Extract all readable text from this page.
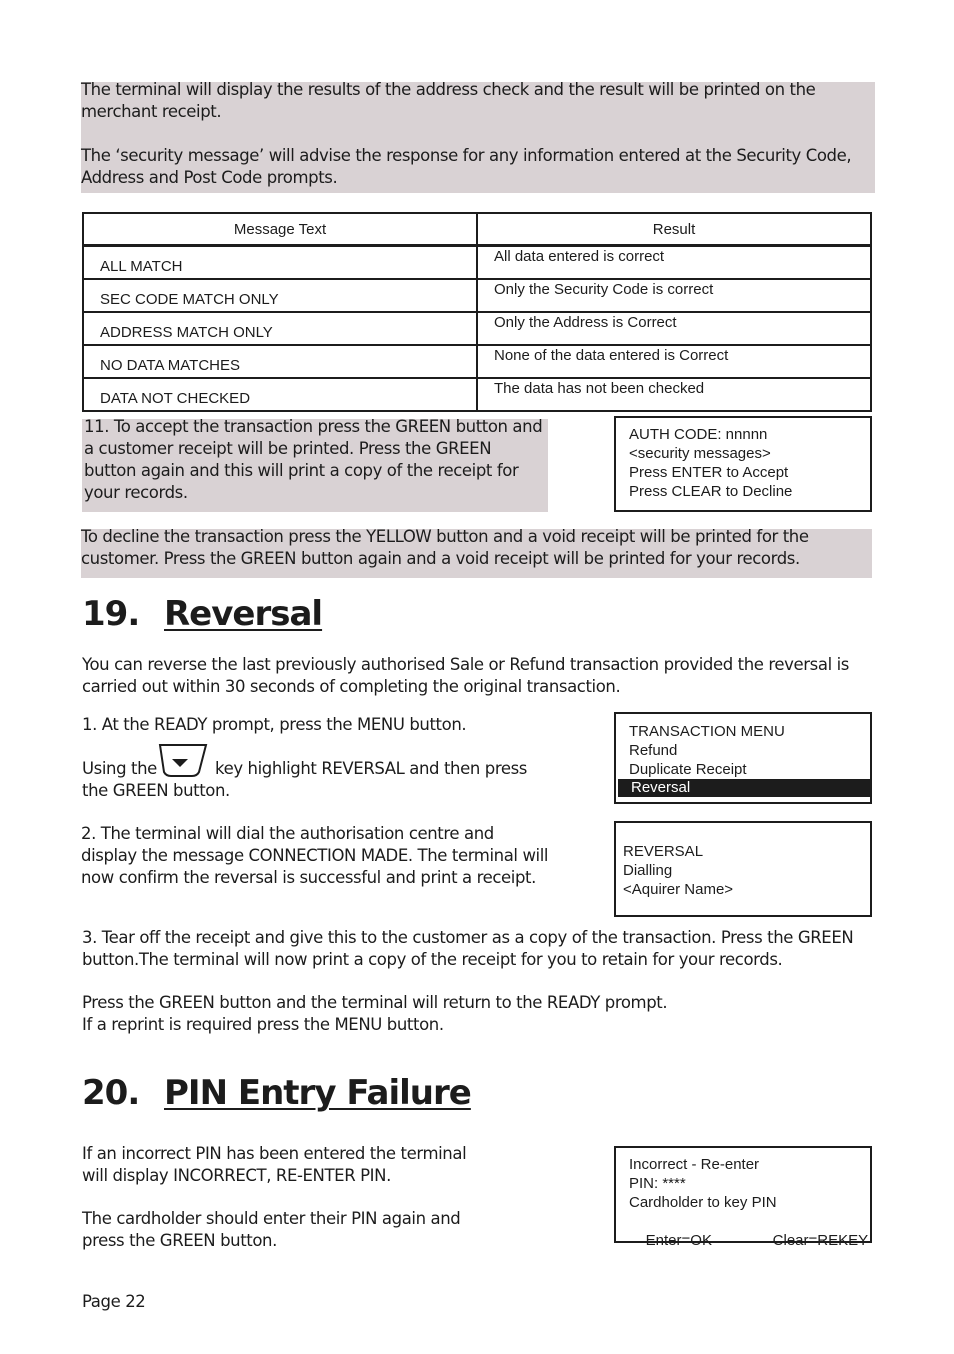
The terminal will display the results of the address check and the result will be printed on the merchant receipt.

The ‘security message’ will advise the response for any information entered at the Security Code, Address and Post Code prompts.

Message Text	Result
ALL MATCH	All data entered is correct
SEC CODE MATCH ONLY	Only the Security Code is correct
ADDRESS MATCH ONLY	Only the Address is Correct
NO DATA MATCHES	None of the data entered is Correct
DATA NOT CHECKED	The data has not been checked

11. To accept the transaction press the GREEN button and a customer receipt will be printed. Press the GREEN button again and this will print a copy of the receipt for your records.

AUTH CODE: nnnnn
<security messages>
Press ENTER to Accept
Press CLEAR to Decline

To decline the transaction press the YELLOW button and a void receipt will be printed for the customer. Press the GREEN button again and a void receipt will be printed for your records.

19. Reversal

You can reverse the last previously authorised Sale or Refund transaction provided the reversal is carried out within 30 seconds of completing the original transaction.

1. At the READY prompt, press the MENU button.

Using the	key highlight REVERSAL and then press
the GREEN button.
TRANSACTION MENU
Refund
Duplicate Receipt
Reversal

2. The terminal will dial the authorisation centre and display the message CONNECTION MADE. The terminal will now confirm the reversal is successful and print a receipt.

REVERSAL
Dialling
<Aquirer Name>

3. Tear off the receipt and give this to the customer as a copy of the transaction. Press the GREEN button.The terminal will now print a copy of the receipt for you to retain for your records.

Press the GREEN button and the terminal will return to the READY prompt.

If a reprint is required press the MENU button.

20. PIN Entry Failure

If an incorrect PIN has been entered the terminal will display INCORRECT, RE-ENTER PIN.

The cardholder should enter their PIN again and press the GREEN button.

Incorrect - Re-enter
PIN: ****
Cardholder to key PIN

Enter=OK	Clear=REKEY

Page 22
